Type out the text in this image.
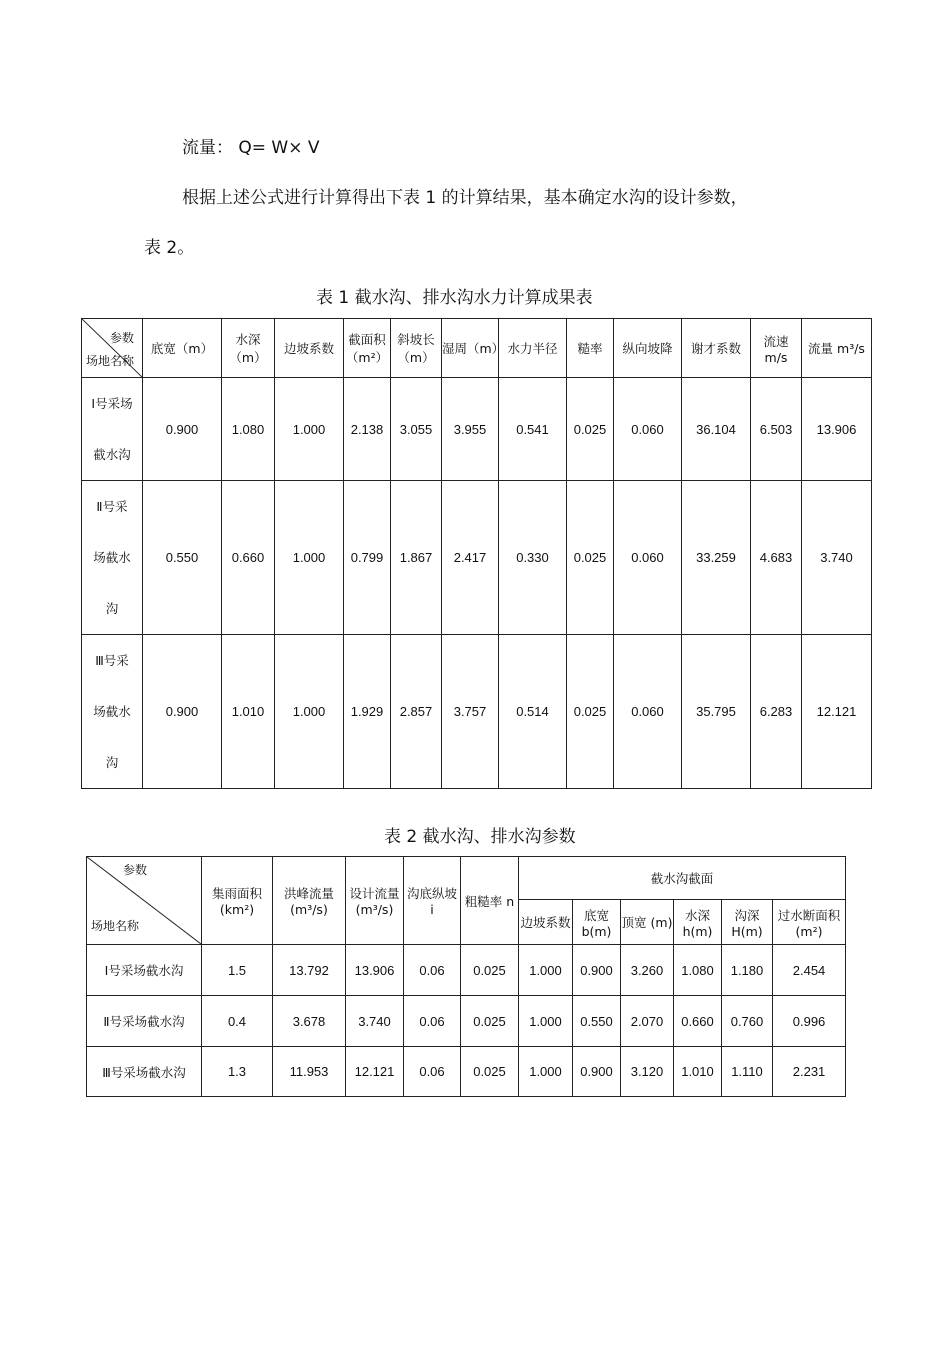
流量： Q= W× V
根据上述公式进行计算得出下表 1 的计算结果，基本确定水沟的设计参数，
表 2。
表 1 截水沟、排水沟水力计算成果表
参数
场地名称	底宽（m）	水深（m）	边坡系数	截面积（m²）	斜坡长（m）	湿周（m）	水力半径	糙率	纵向坡降	谢才系数	流速 m/s	流量 m³/s

Ⅰ号采场
截水沟	0.900	1.080	1.000	2.138	3.055	3.955	0.541	0.025	0.060	36.104	6.503	13.906

Ⅱ号采
场截水
沟	0.550	0.660	1.000	0.799	1.867	2.417	0.330	0.025	0.060	33.259	4.683	3.740

Ⅲ号采
场截水
沟	0.900	1.010	1.000	1.929	2.857	3.757	0.514	0.025	0.060	35.795	6.283	12.121
表 2 截水沟、排水沟参数
参数
场地名称	集雨面积(km²)	洪峰流量(m³/s)	设计流量(m³/s)	沟底纵坡 i	粗糙率 n	截水沟截面					
						边坡系数	底宽 b(m)	顶宽 (m)	水深 h(m)	沟深 H(m)	过水断面积(m²)
Ⅰ号采场截水沟	1.5	13.792	13.906	0.06	0.025	1.000	0.900	3.260	1.080	1.180	2.454
Ⅱ号采场截水沟	0.4	3.678	3.740	0.06	0.025	1.000	0.550	2.070	0.660	0.760	0.996
Ⅲ号采场截水沟	1.3	11.953	12.121	0.06	0.025	1.000	0.900	3.120	1.010	1.110	2.231
